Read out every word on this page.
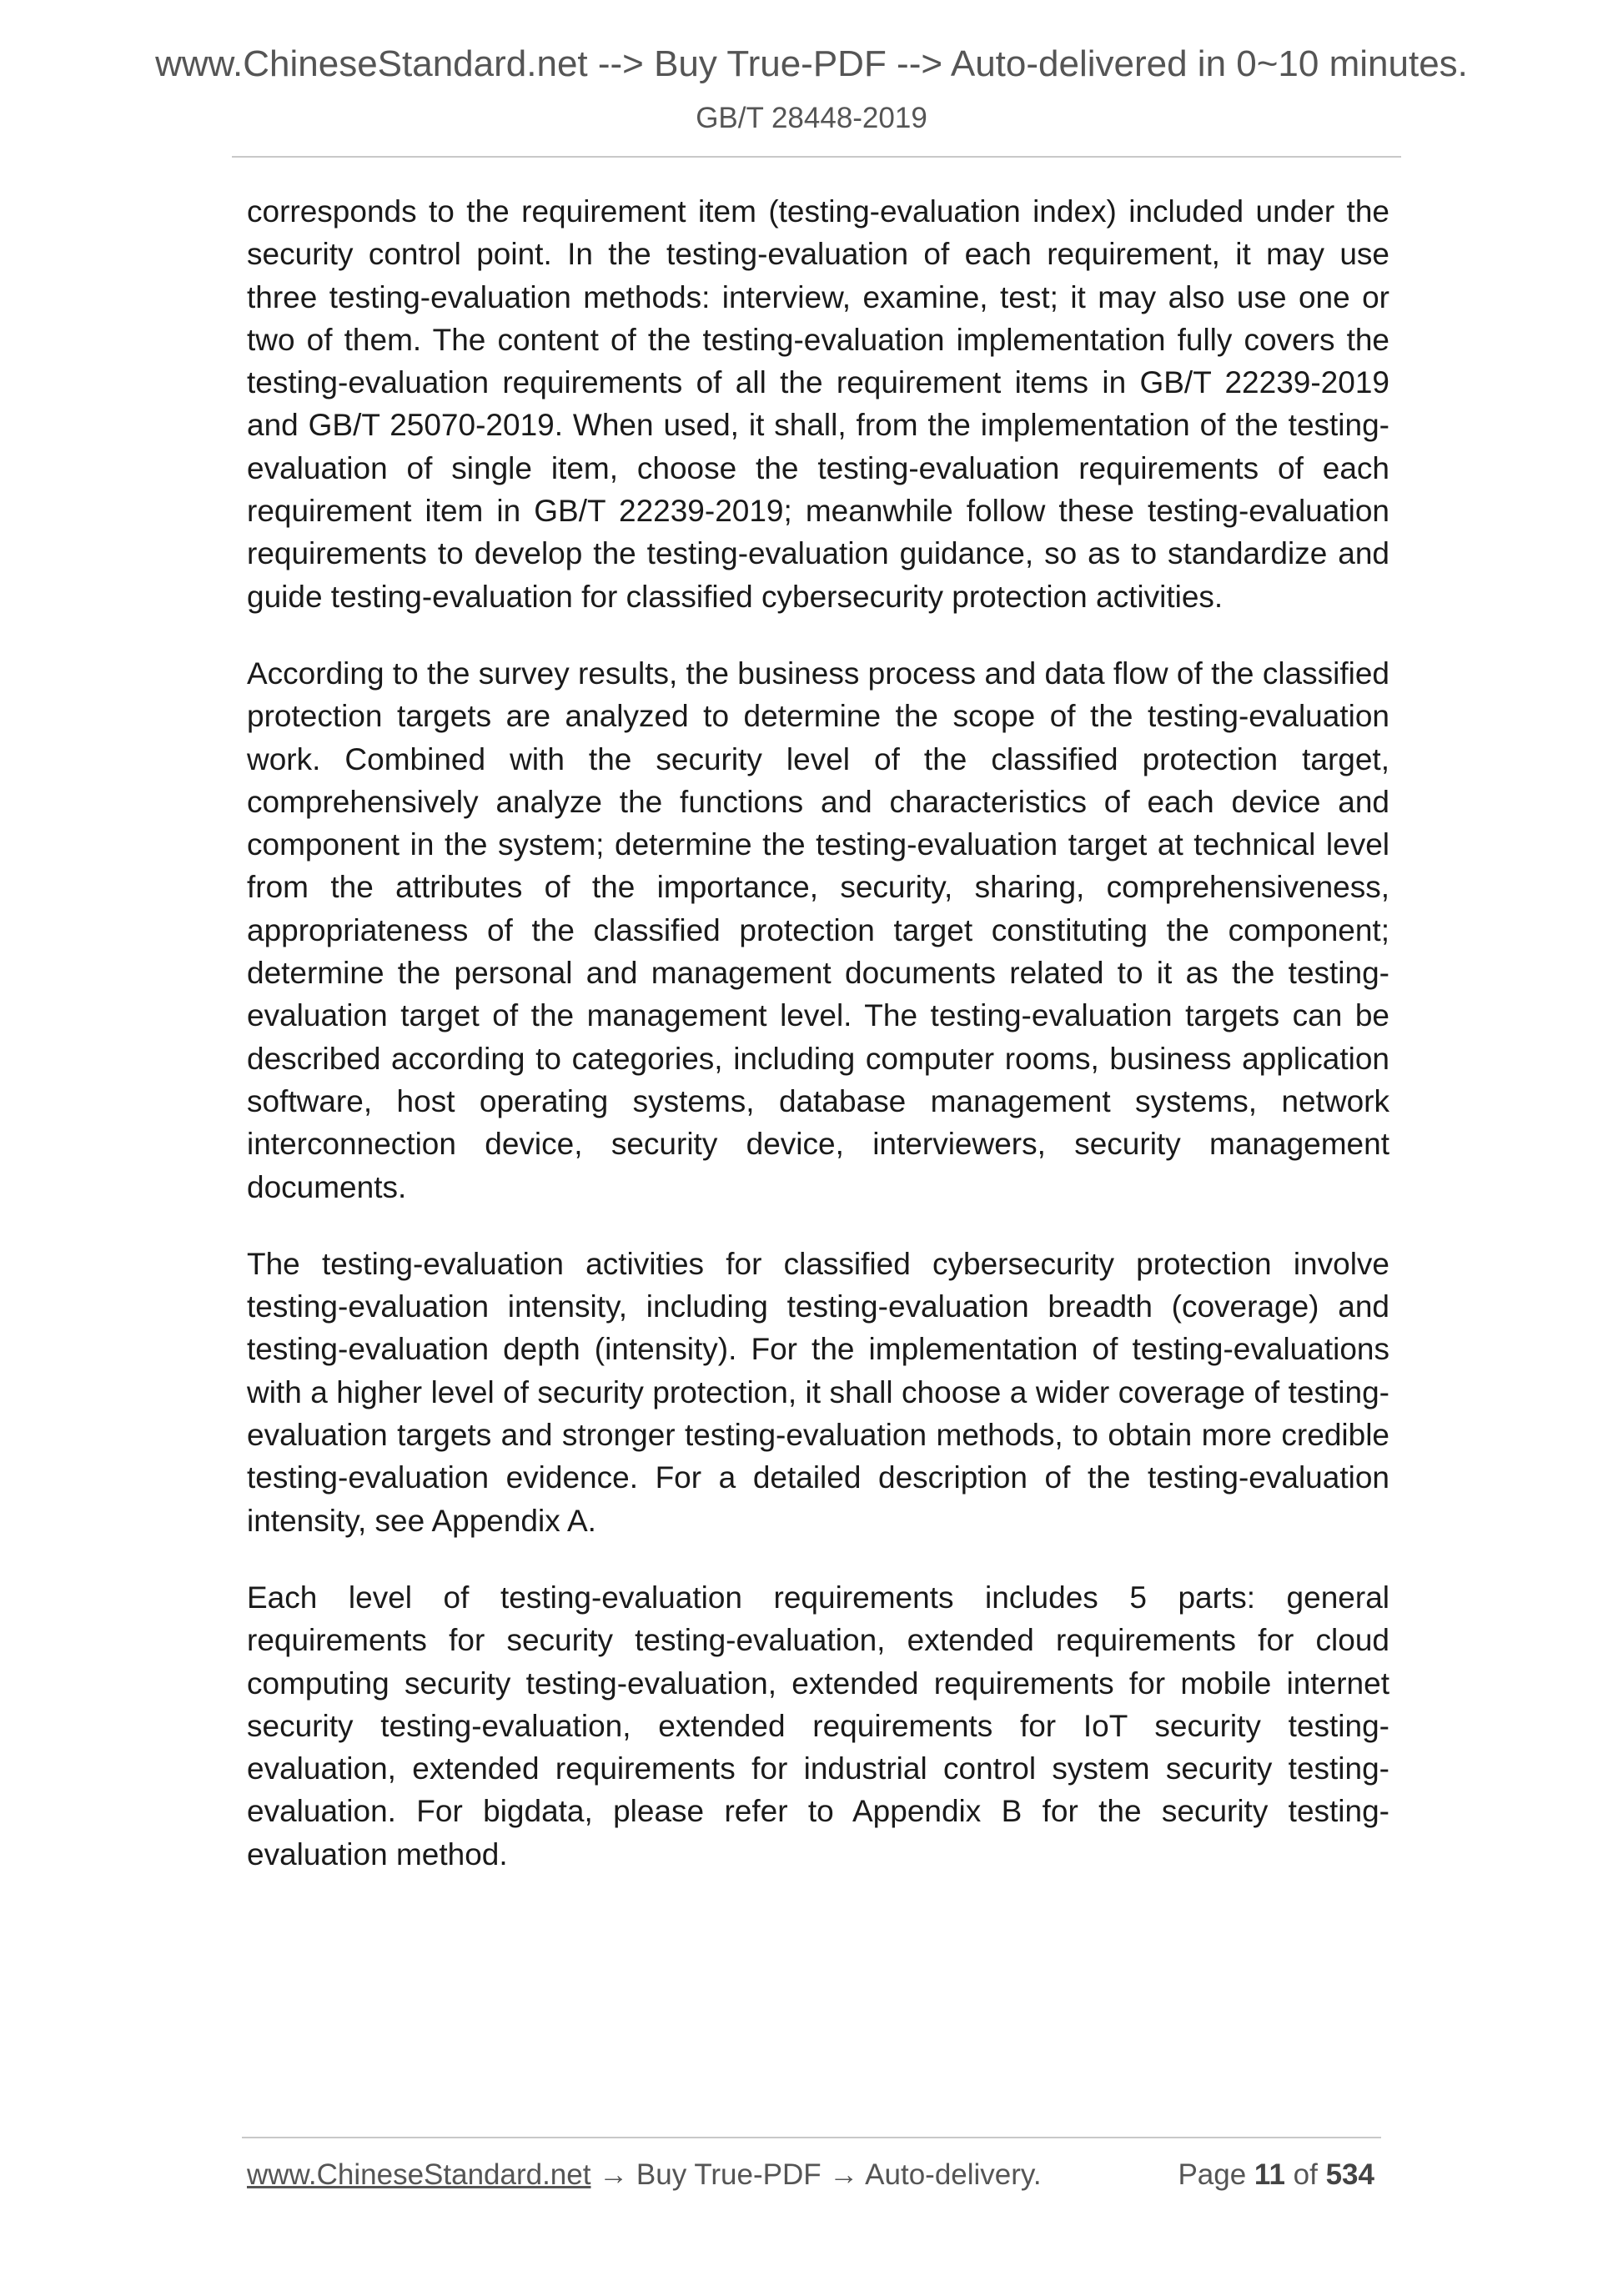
www.ChineseStandard.net --> Buy True-PDF --> Auto-delivered in 0~10 minutes.
GB/T 28448-2019

corresponds to the requirement item (testing-evaluation index) included under the security control point. In the testing-evaluation of each requirement, it may use three testing-evaluation methods: interview, examine, test; it may also use one or two of them. The content of the testing-evaluation implementation fully covers the testing-evaluation requirements of all the requirement items in GB/T 22239-2019 and GB/T 25070-2019. When used, it shall, from the implementation of the testing-evaluation of single item, choose the testing-evaluation requirements of each requirement item in GB/T 22239-2019; meanwhile follow these testing-evaluation requirements to develop the testing-evaluation guidance, so as to standardize and guide testing-evaluation for classified cybersecurity protection activities.

According to the survey results, the business process and data flow of the classified protection targets are analyzed to determine the scope of the testing-evaluation work. Combined with the security level of the classified protection target, comprehensively analyze the functions and characteristics of each device and component in the system; determine the testing-evaluation target at technical level from the attributes of the importance, security, sharing, comprehensiveness, appropriateness of the classified protection target constituting the component; determine the personal and management documents related to it as the testing-evaluation target of the management level. The testing-evaluation targets can be described according to categories, including computer rooms, business application software, host operating systems, database management systems, network interconnection device, security device, interviewers, security management documents.

The testing-evaluation activities for classified cybersecurity protection involve testing-evaluation intensity, including testing-evaluation breadth (coverage) and testing-evaluation depth (intensity). For the implementation of testing-evaluations with a higher level of security protection, it shall choose a wider coverage of testing-evaluation targets and stronger testing-evaluation methods, to obtain more credible testing-evaluation evidence. For a detailed description of the testing-evaluation intensity, see Appendix A.

Each level of testing-evaluation requirements includes 5 parts: general requirements for security testing-evaluation, extended requirements for cloud computing security testing-evaluation, extended requirements for mobile internet security testing-evaluation, extended requirements for IoT security testing-evaluation, extended requirements for industrial control system security testing-evaluation. For bigdata, please refer to Appendix B for the security testing-evaluation method.

www.ChineseStandard.net → Buy True-PDF → Auto-delivery.	Page 11 of 534
